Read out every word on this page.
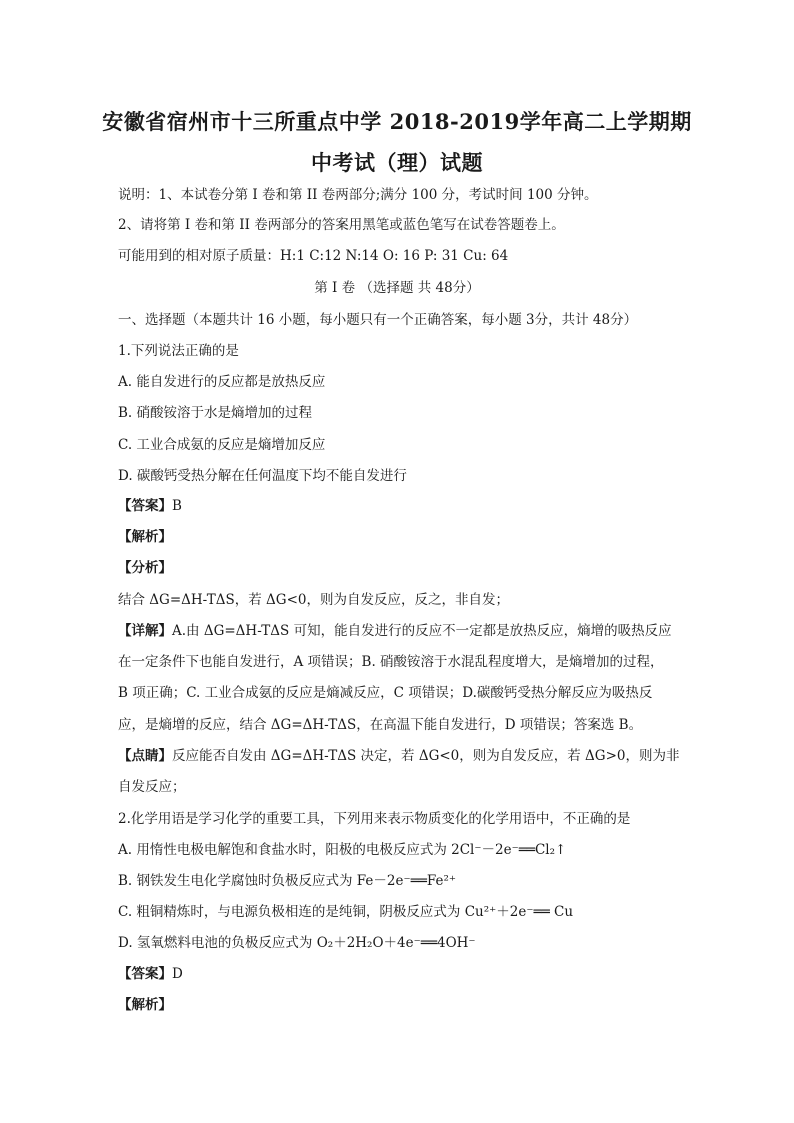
安徽省宿州市十三所重点中学 2018-2019学年高二上学期期
中考试（理）试题
说明：1、本试卷分第 I 卷和第 II 卷两部分;满分 100 分，考试时间 100 分钟。
2、请将第 I 卷和第 II 卷两部分的答案用黑笔或蓝色笔写在试卷答题卷上。
可能用到的相对原子质量：H:1 C:12 N:14 O: 16 P: 31 Cu: 64
第 I 卷 （选择题 共 48分）
一、选择题（本题共计 16 小题，每小题只有一个正确答案，每小题 3分，共计 48分）
1.下列说法正确的是
A. 能自发进行的反应都是放热反应
B. 硝酸铵溶于水是熵增加的过程
C. 工业合成氨的反应是熵增加反应
D. 碳酸钙受热分解在任何温度下均不能自发进行
【答案】B
【解析】
【分析】
结合 ΔG=ΔH-TΔS，若 ΔG<0，则为自发反应，反之，非自发；
【详解】A.由 ΔG=ΔH-TΔS 可知，能自发进行的反应不一定都是放热反应，熵增的吸热反应
在一定条件下也能自发进行，A 项错误；B. 硝酸铵溶于水混乱程度增大，是熵增加的过程，
B 项正确；C. 工业合成氨的反应是熵减反应，C 项错误；D.碳酸钙受热分解反应为吸热反
应，是熵增的反应，结合 ΔG=ΔH-TΔS，在高温下能自发进行，D 项错误；答案选 B。
【点睛】反应能否自发由 ΔG=ΔH-TΔS 决定，若 ΔG<0，则为自发反应，若 ΔG>0，则为非
自发反应；
2.化学用语是学习化学的重要工具，下列用来表示物质变化的化学用语中，不正确的是
A. 用惰性电极电解饱和食盐水时，阳极的电极反应式为 2Cl⁻－2e⁻══Cl₂↑
B. 钢铁发生电化学腐蚀时负极反应式为 Fe－2e⁻══Fe²⁺
C. 粗铜精炼时，与电源负极相连的是纯铜，阴极反应式为 Cu²⁺＋2e⁻══ Cu
D. 氢氧燃料电池的负极反应式为 O₂＋2H₂O＋4e⁻══4OH⁻
【答案】D
【解析】
